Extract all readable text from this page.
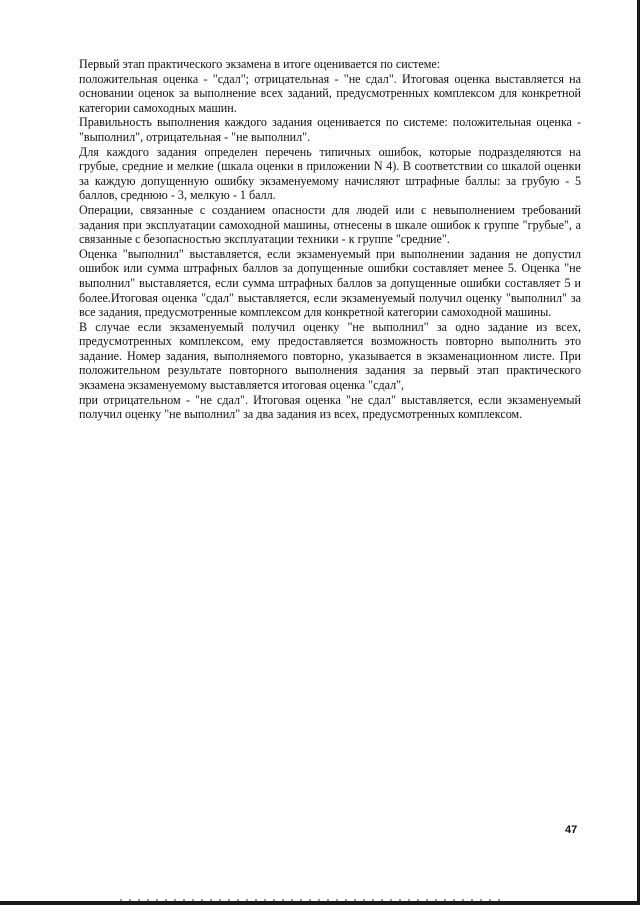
Первый этап практического экзамена в итоге оценивается по системе:

положительная оценка - "сдал"; отрицательная - "не сдал". Итоговая оценка выставляется на основании оценок за выполнение всех заданий, предусмотренных комплексом для конкретной категории самоходных машин.

Правильность выполнения каждого задания оценивается по системе: положительная оценка - "выполнил", отрицательная - "не выполнил".

Для каждого задания определен перечень типичных ошибок, которые подразделяются на грубые, средние и мелкие (шкала оценки в приложении N 4). В соответствии со шкалой оценки за каждую допущенную ошибку экзаменуемому начисляют штрафные баллы: за грубую - 5 баллов, среднюю - 3, мелкую - 1 балл.

Операции, связанные с созданием опасности для людей или с невыполнением требований задания при эксплуатации самоходной машины, отнесены в шкале ошибок к группе "грубые", а связанные с безопасностью эксплуатации техники - к группе "средние".

Оценка "выполнил" выставляется, если экзаменуемый при выполнении задания не допустил ошибок или сумма штрафных баллов за допущенные ошибки составляет менее 5. Оценка "не выполнил" выставляется, если сумма штрафных баллов за допущенные ошибки составляет 5 и более.Итоговая оценка "сдал" выставляется, если экзаменуемый получил оценку "выполнил" за все задания, предусмотренные комплексом для конкретной категории самоходной машины.

В случае если экзаменуемый получил оценку "не выполнил" за одно задание из всех, предусмотренных комплексом, ему предоставляется возможность повторно выполнить это задание. Номер задания, выполняемого повторно, указывается в экзаменационном листе. При положительном результате повторного выполнения задания за первый этап практического экзамена экзаменуемому выставляется итоговая оценка "сдал",

при отрицательном - "не сдал". Итоговая оценка "не сдал" выставляется, если экзаменуемый получил оценку "не выполнил" за два задания из всех, предусмотренных комплексом.

47
